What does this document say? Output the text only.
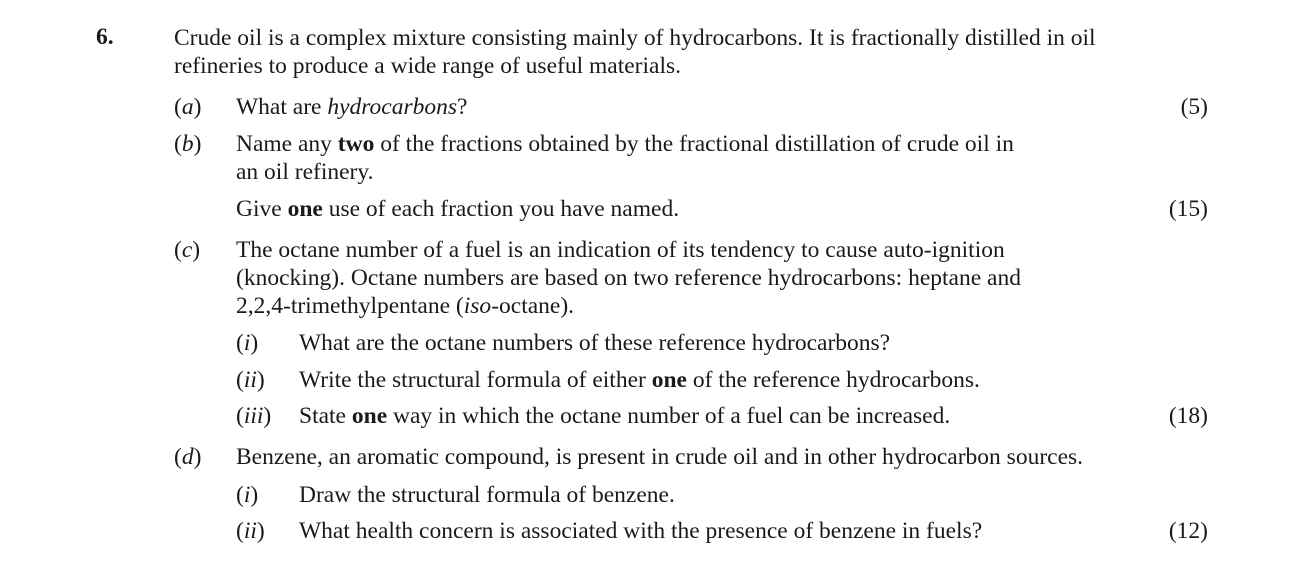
6.	Crude oil is a complex mixture consisting mainly of hydrocarbons. It is fractionally distilled in oil
refineries to produce a wide range of useful materials.
(a) What are hydrocarbons?	(5)
(b) Name any two of the fractions obtained by the fractional distillation of crude oil in
an oil refinery.
Give one use of each fraction you have named.	(15)
(c) The octane number of a fuel is an indication of its tendency to cause auto-ignition
(knocking). Octane numbers are based on two reference hydrocarbons: heptane and
2,2,4-trimethylpentane (iso-octane).
(i) What are the octane numbers of these reference hydrocarbons?
(ii) Write the structural formula of either one of the reference hydrocarbons.
(iii) State one way in which the octane number of a fuel can be increased.	(18)
(d) Benzene, an aromatic compound, is present in crude oil and in other hydrocarbon sources.
(i) Draw the structural formula of benzene.
(ii) What health concern is associated with the presence of benzene in fuels?	(12)
